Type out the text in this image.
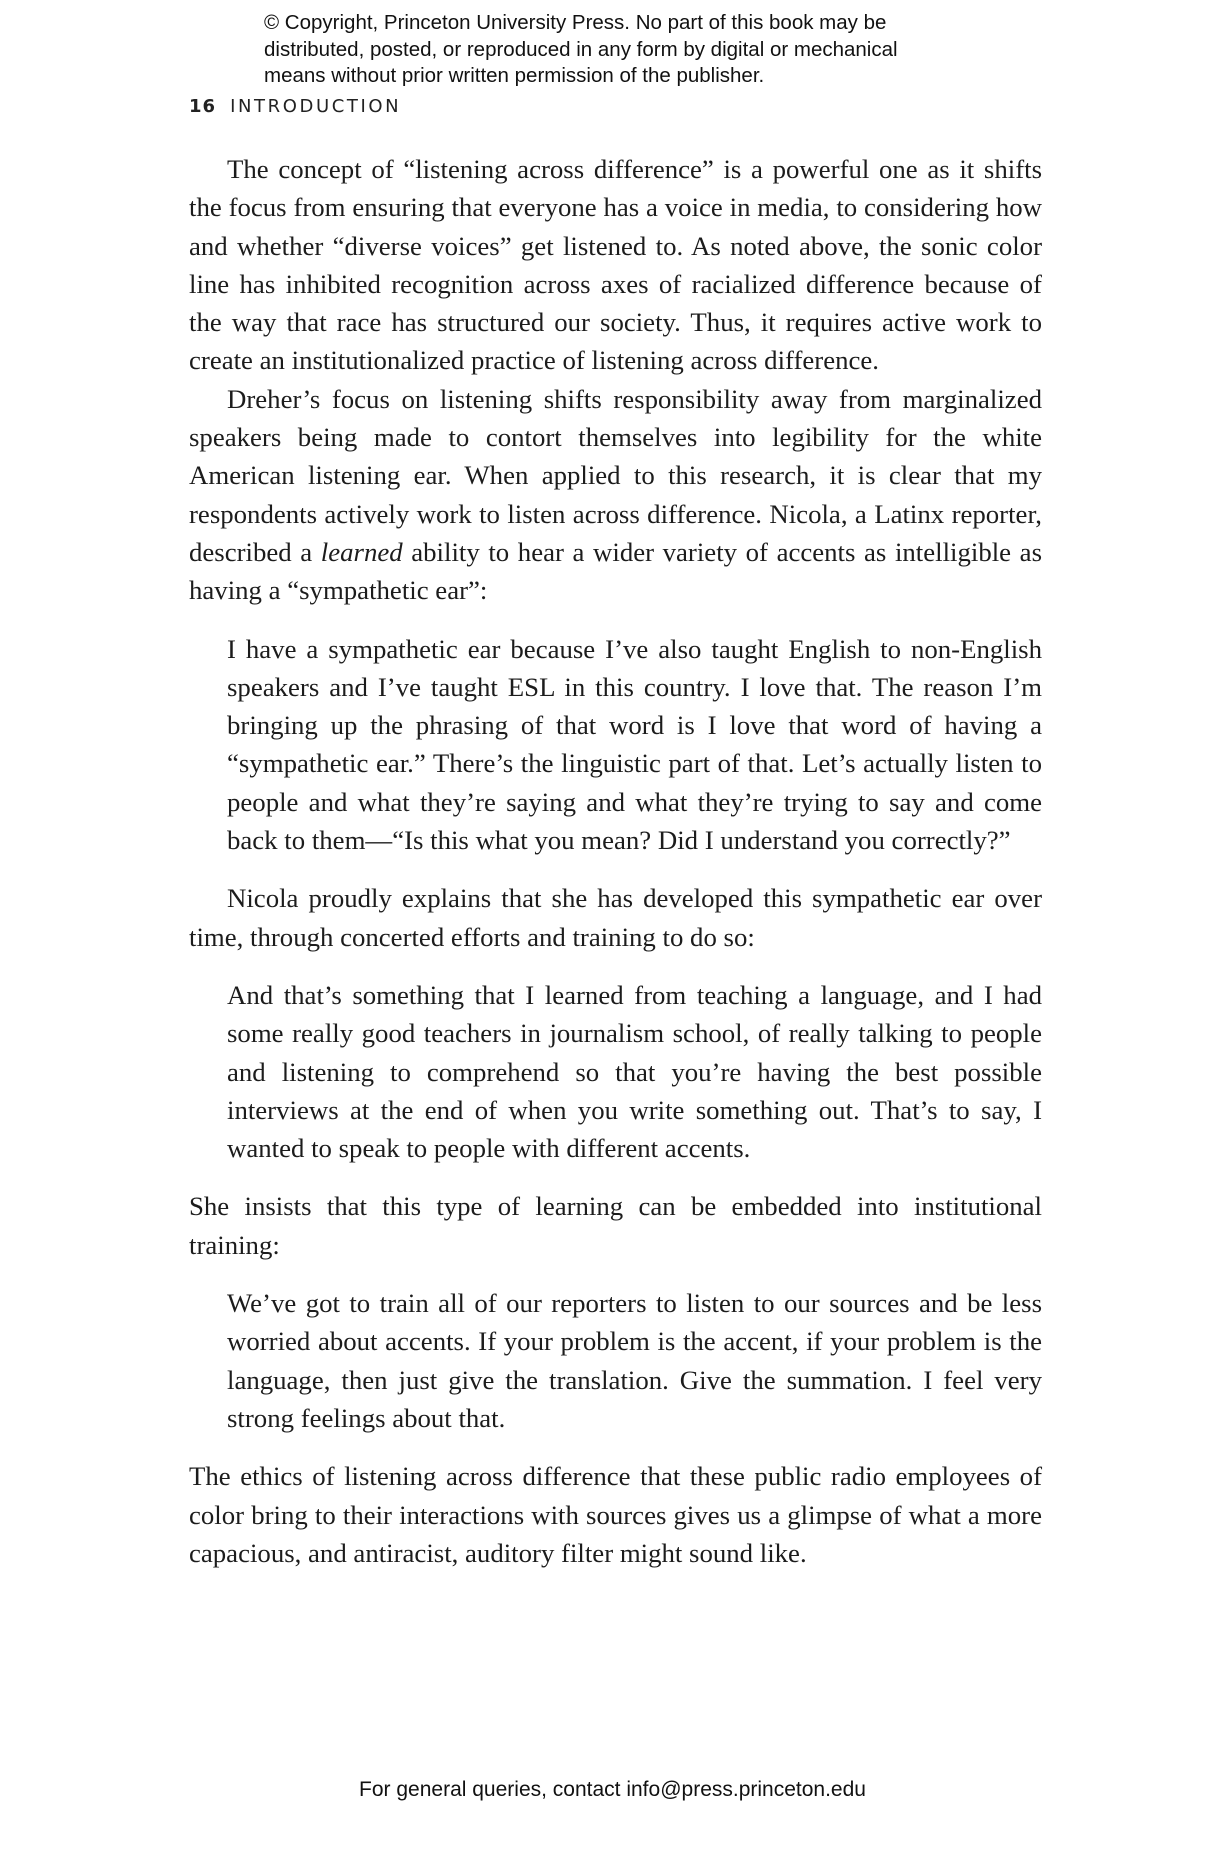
© Copyright, Princeton University Press. No part of this book may be
distributed, posted, or reproduced in any form by digital or mechanical
means without prior written permission of the publisher.
16 INTRODUCTION

The concept of “listening across difference” is a powerful one as it shifts the focus from ensuring that everyone has a voice in media, to considering how and whether “diverse voices” get listened to. As noted above, the sonic color line has inhibited recognition across axes of racialized difference because of the way that race has structured our society. Thus, it requires active work to create an institutionalized practice of listening across difference.

Dreher’s focus on listening shifts responsibility away from marginalized speakers being made to contort themselves into legibility for the white American listening ear. When applied to this research, it is clear that my respondents actively work to listen across difference. Nicola, a Latinx reporter, described a learned ability to hear a wider variety of accents as intelligible as having a “sympathetic ear”:

I have a sympathetic ear because I’ve also taught English to non-English speakers and I’ve taught ESL in this country. I love that. The reason I’m bringing up the phrasing of that word is I love that word of having a “sympathetic ear.” There’s the linguistic part of that. Let’s actually listen to people and what they’re saying and what they’re trying to say and come back to them—“Is this what you mean? Did I understand you correctly?”

Nicola proudly explains that she has developed this sympathetic ear over time, through concerted efforts and training to do so:

And that’s something that I learned from teaching a language, and I had some really good teachers in journalism school, of really talking to people and listening to comprehend so that you’re having the best possible interviews at the end of when you write something out. That’s to say, I wanted to speak to people with different accents.

She insists that this type of learning can be embedded into institutional training:

We’ve got to train all of our reporters to listen to our sources and be less worried about accents. If your problem is the accent, if your problem is the language, then just give the translation. Give the summation. I feel very strong feelings about that.

The ethics of listening across difference that these public radio employees of color bring to their interactions with sources gives us a glimpse of what a more capacious, and antiracist, auditory filter might sound like.

For general queries, contact info@press.princeton.edu
